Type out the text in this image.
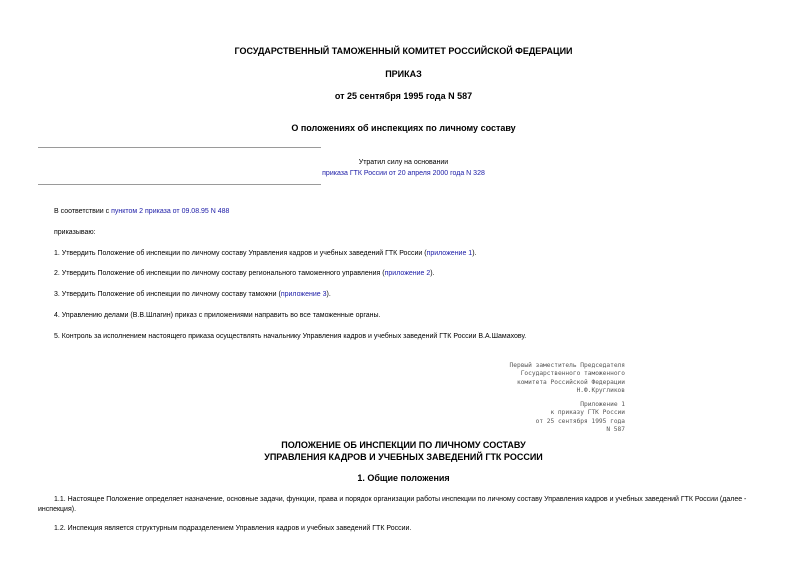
ГОСУДАРСТВЕННЫЙ ТАМОЖЕННЫЙ КОМИТЕТ РОССИЙСКОЙ ФЕДЕРАЦИИ
ПРИКАЗ
от 25 сентября 1995 года N 587
О положениях об инспекциях по личному составу
Утратил силу на основании
приказа ГТК России от 20 апреля 2000 года N 328
В соответствии с пунктом 2 приказа от 09.08.95 N 488
приказываю:
1. Утвердить Положение об инспекции по личному составу Управления кадров и учебных заведений ГТК России (приложение 1).
2. Утвердить Положение об инспекции по личному составу регионального таможенного управления (приложение 2).
3. Утвердить Положение об инспекции по личному составу таможни (приложение 3).
4. Управлению делами (В.В.Шлагин) приказ с приложениями направить во все таможенные органы.
5. Контроль за исполнением настоящего приказа осуществлять начальнику Управления кадров и учебных заведений ГТК России В.А.Шамахову.
Первый заместитель Председателя
Государственного таможенного
комитета Российской Федерации
Н.Ф.Кругликов
Приложение 1
к приказу ГТК России
от 25 сентября 1995 года
N 587
ПОЛОЖЕНИЕ ОБ ИНСПЕКЦИИ ПО ЛИЧНОМУ СОСТАВУ
УПРАВЛЕНИЯ КАДРОВ И УЧЕБНЫХ ЗАВЕДЕНИЙ ГТК РОССИИ
1. Общие положения
1.1. Настоящее Положение определяет назначение, основные задачи, функции, права и порядок организации работы инспекции по личному составу Управления кадров и учебных заведений ГТК России (далее - инспекция).
1.2. Инспекция является структурным подразделением Управления кадров и учебных заведений ГТК России.
